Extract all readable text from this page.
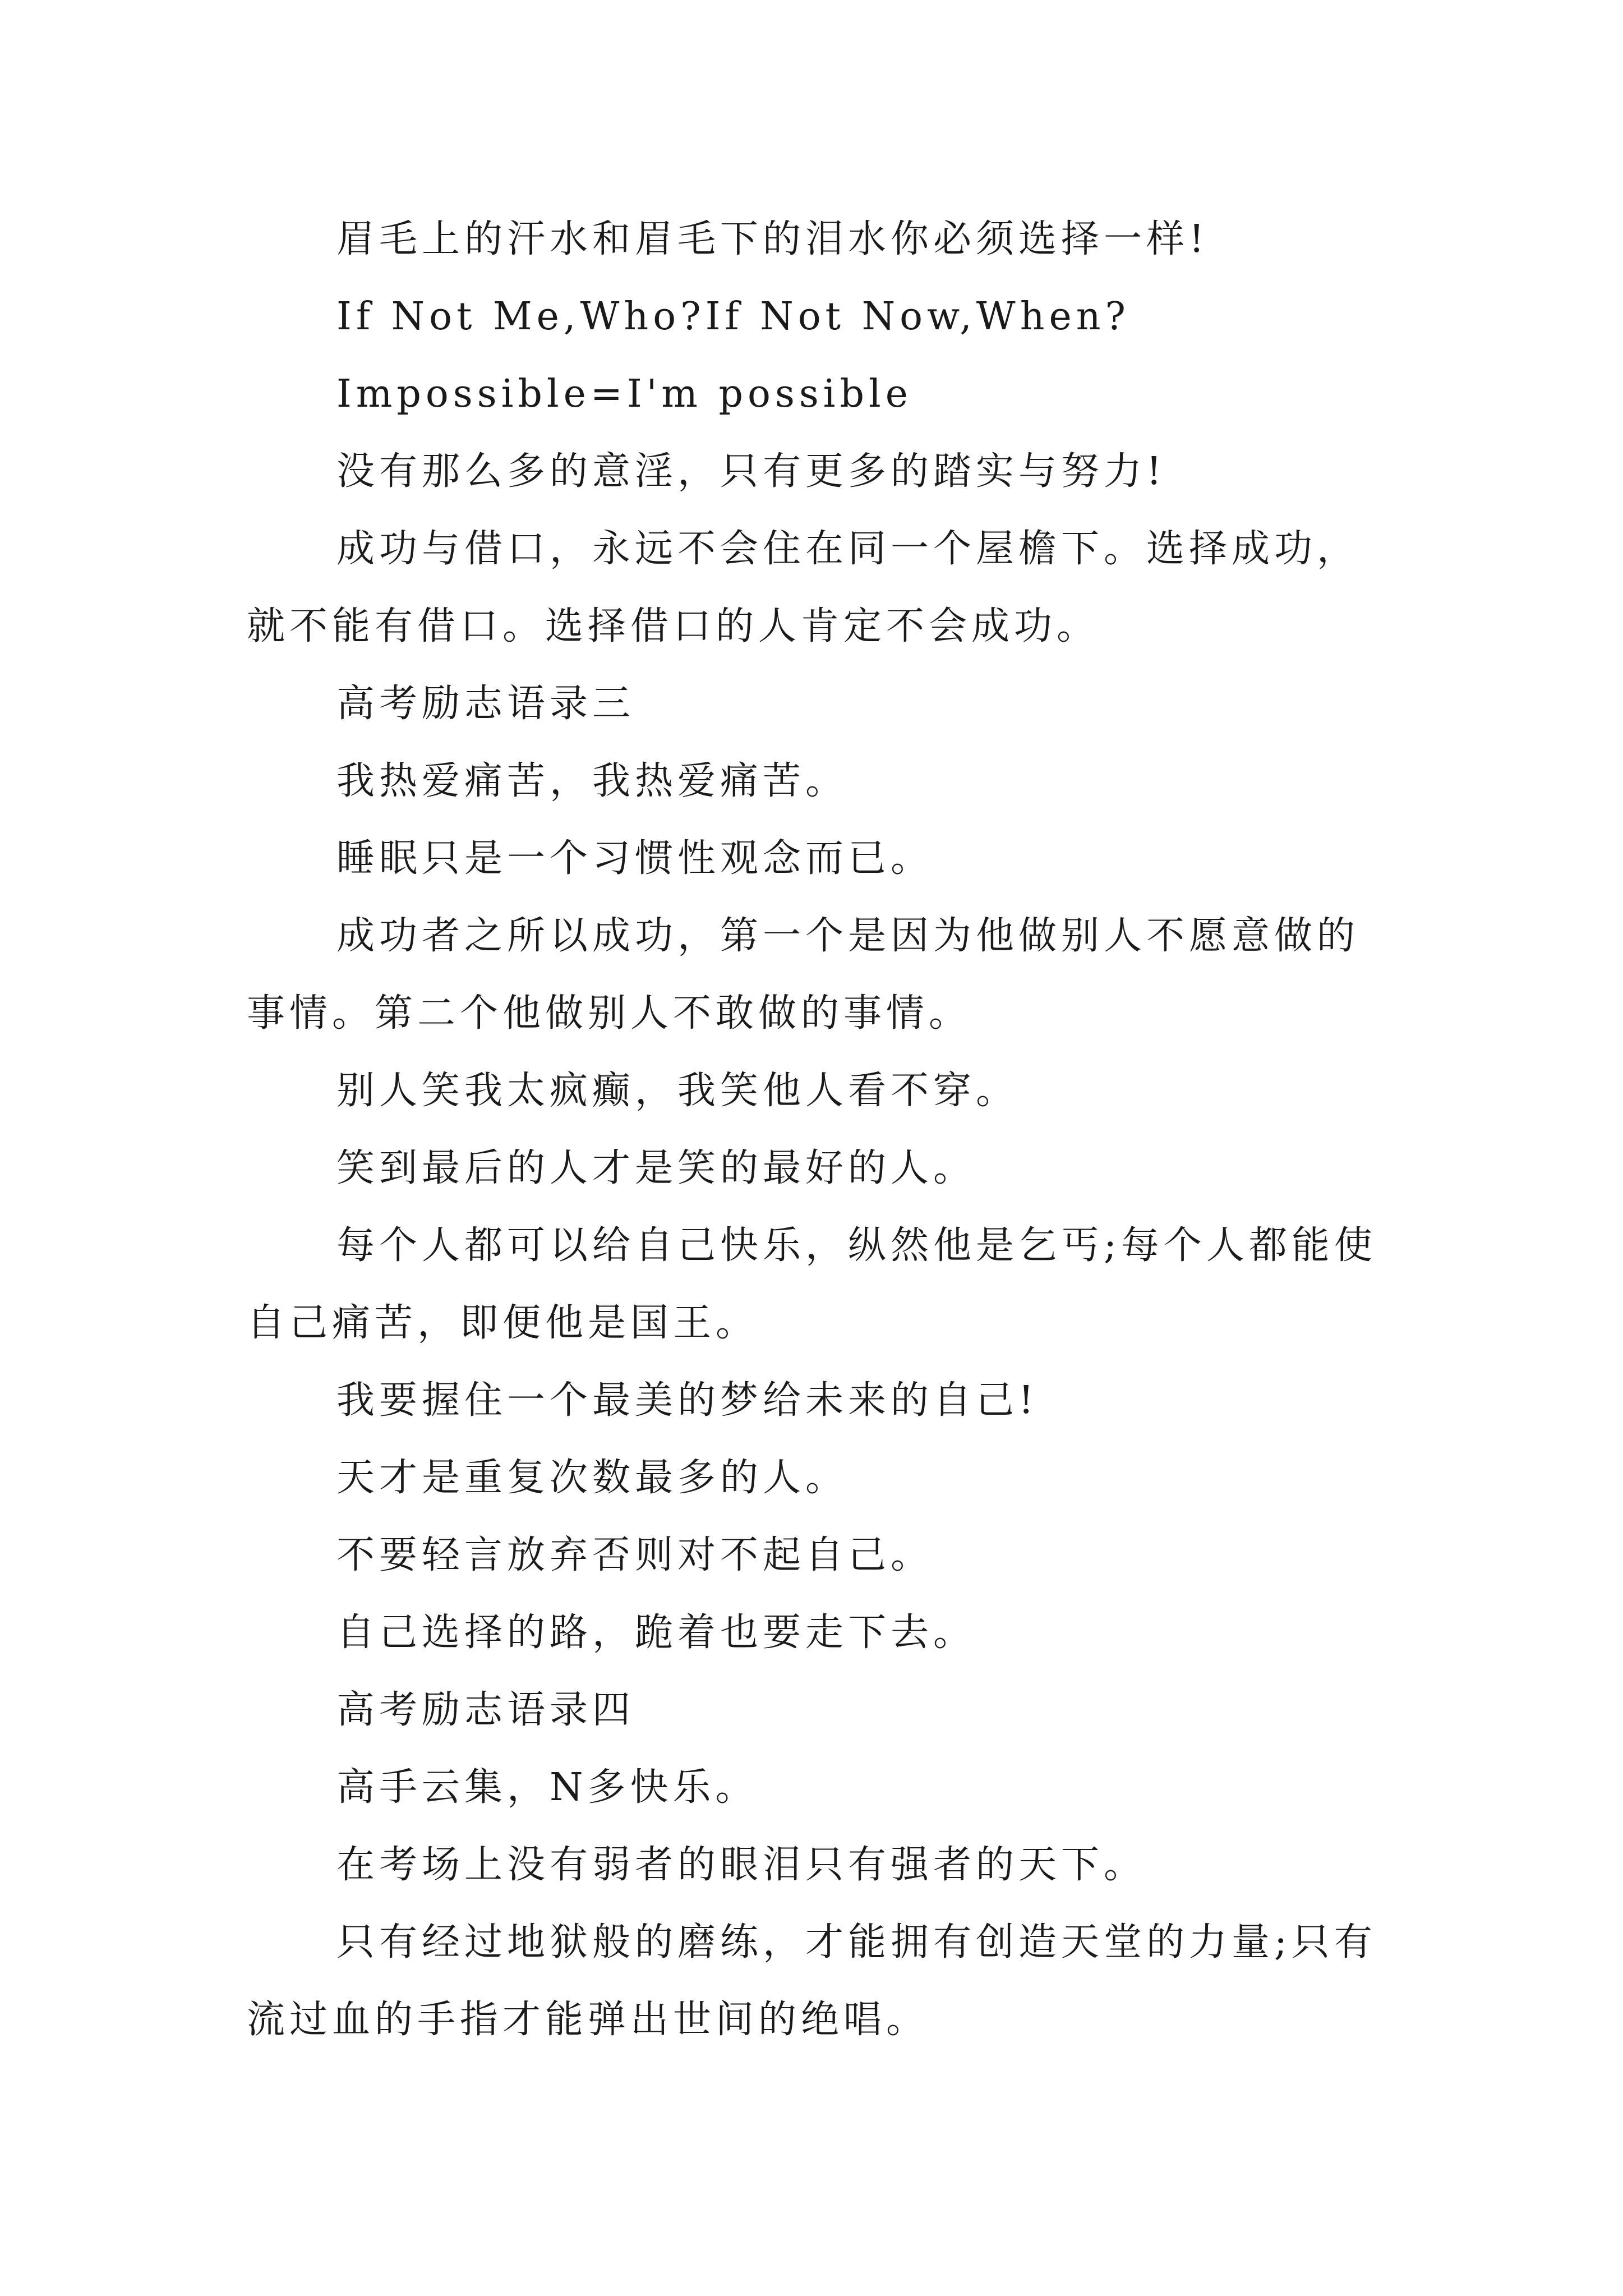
眉毛上的汗水和眉毛下的泪水你必须选择一样!

If Not Me,Who?If Not Now,When?

Impossible=I'm possible

没有那么多的意淫，只有更多的踏实与努力!

成功与借口，永远不会住在同一个屋檐下。选择成功，就不能有借口。选择借口的人肯定不会成功。

高考励志语录三

我热爱痛苦，我热爱痛苦。

睡眠只是一个习惯性观念而已。

成功者之所以成功，第一个是因为他做别人不愿意做的事情。第二个他做别人不敢做的事情。

别人笑我太疯癫，我笑他人看不穿。

笑到最后的人才是笑的最好的人。

每个人都可以给自己快乐，纵然他是乞丐;每个人都能使自己痛苦，即便他是国王。

我要握住一个最美的梦给未来的自己!

天才是重复次数最多的人。

不要轻言放弃否则对不起自己。

自己选择的路，跪着也要走下去。

高考励志语录四

高手云集，N多快乐。

在考场上没有弱者的眼泪只有强者的天下。

只有经过地狱般的磨练，才能拥有创造天堂的力量;只有流过血的手指才能弹出世间的绝唱。
